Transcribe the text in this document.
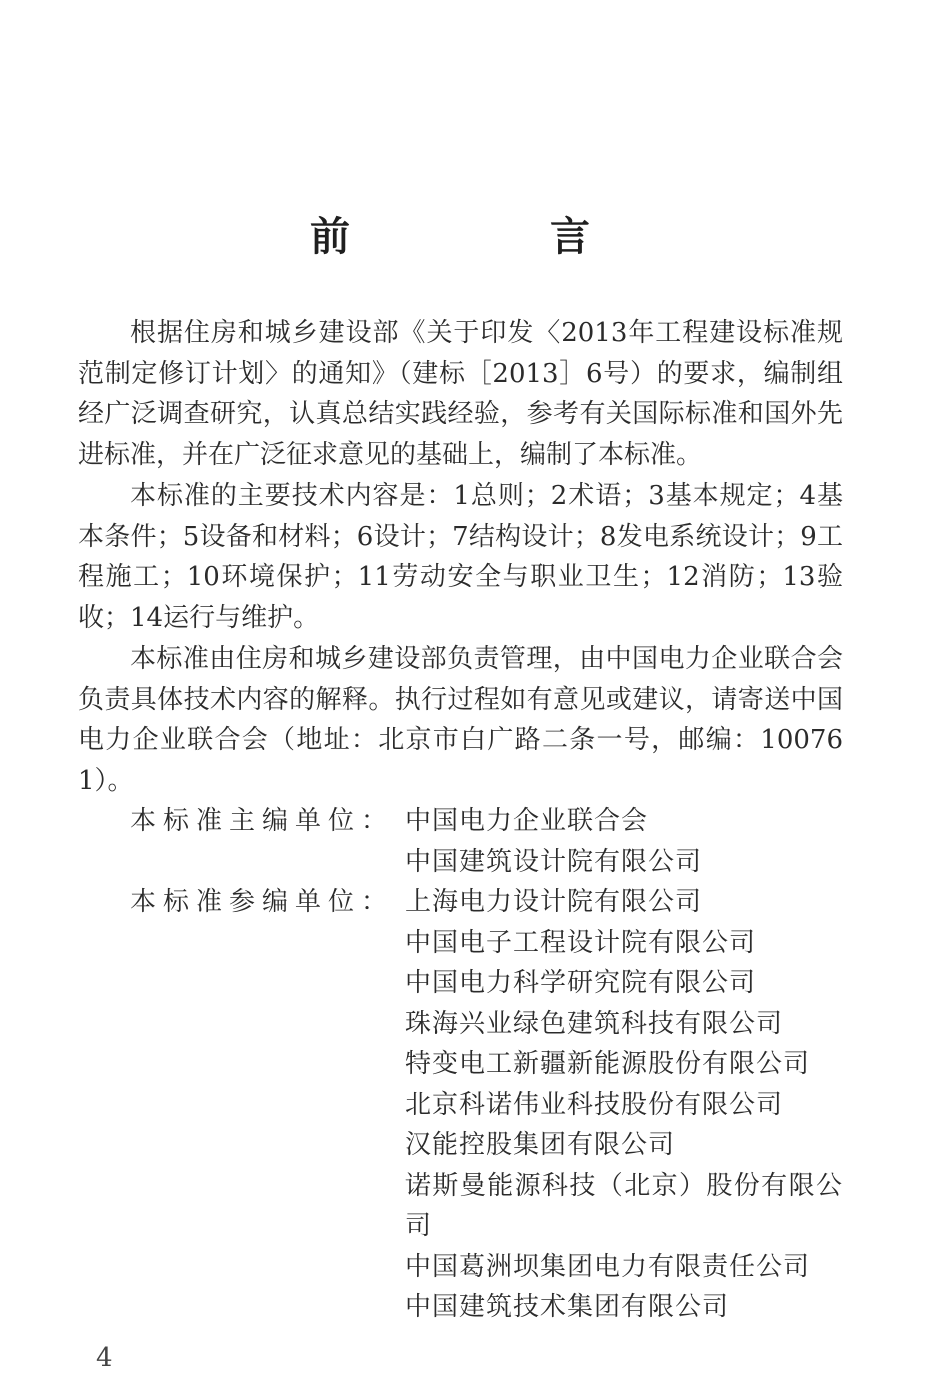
前　言

根据住房和城乡建设部《关于印发〈2013年工程建设标准规范制定修订计划〉的通知》（建标［2013］6号）的要求，编制组经广泛调查研究，认真总结实践经验，参考有关国际标准和国外先进标准，并在广泛征求意见的基础上，编制了本标准。

本标准的主要技术内容是：1总则；2术语；3基本规定；4基本条件；5设备和材料；6设计；7结构设计；8发电系统设计；9工程施工；10环境保护；11劳动安全与职业卫生；12消防；13验收；14运行与维护。

本标准由住房和城乡建设部负责管理，由中国电力企业联合会负责具体技术内容的解释。执行过程如有意见或建议，请寄送中国电力企业联合会（地址：北京市白广路二条一号，邮编：100761）。

本标准主编单位： 中国电力企业联合会
中国建筑设计院有限公司
本标准参编单位： 上海电力设计院有限公司
中国电子工程设计院有限公司
中国电力科学研究院有限公司
珠海兴业绿色建筑科技有限公司
特变电工新疆新能源股份有限公司
北京科诺伟业科技股份有限公司
汉能控股集团有限公司
诺斯曼能源科技（北京）股份有限公司
中国葛洲坝集团电力有限责任公司
中国建筑技术集团有限公司
4
